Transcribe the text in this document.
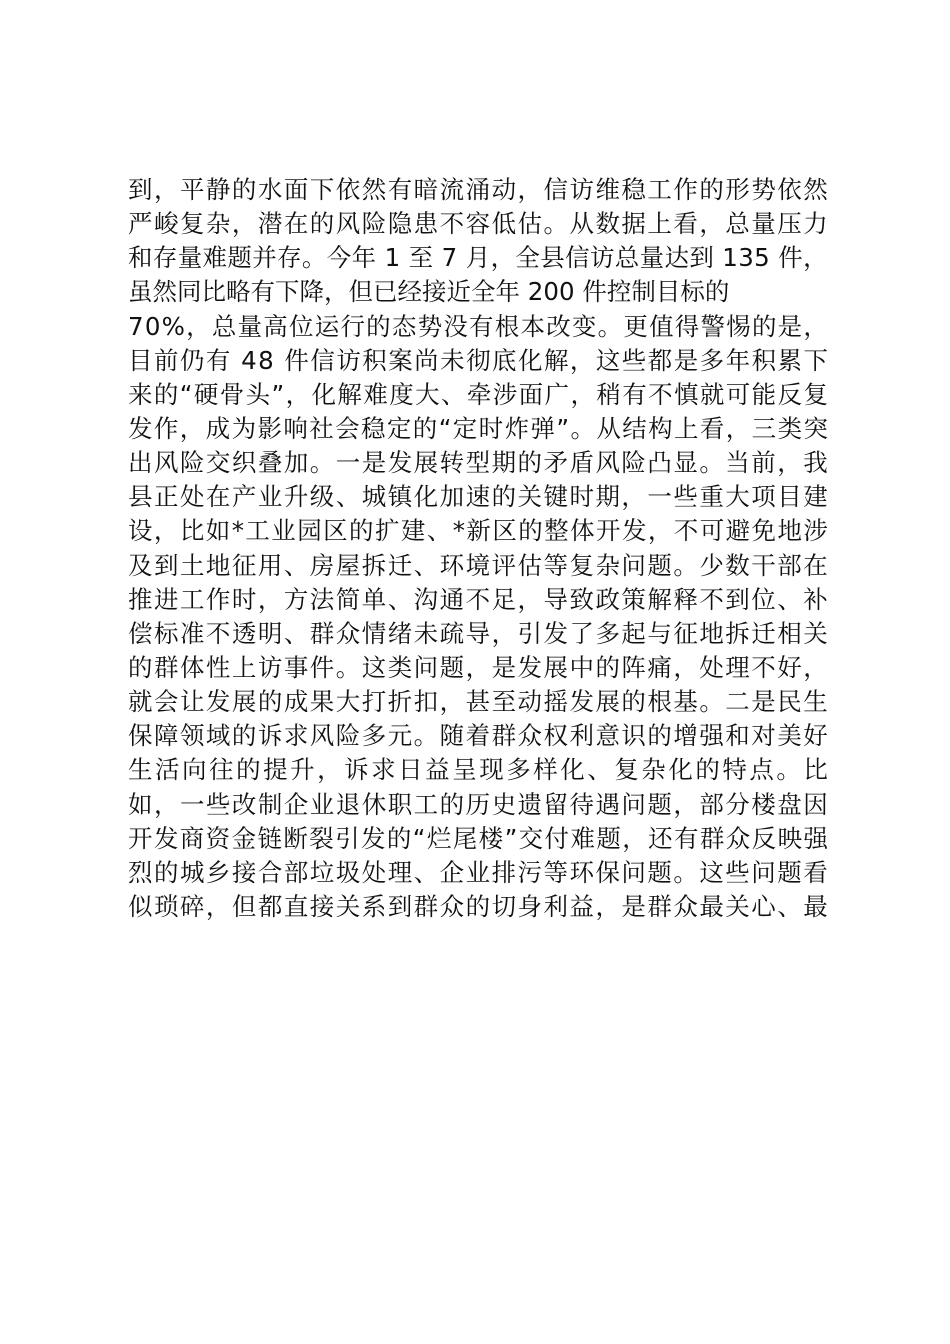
到 ， 平 静 的 水 面 下 依 然 有 暗 流 涌 动 ， 信 访 维 稳 工 作 的 形 势 依 然
严 峻 复 杂 ， 潜 在 的 风 险 隐 患 不 容 低 估 。 从 数 据 上 看 ， 总 量 压 力
和 存 量 难 题 并 存 。 今 年
1
至
7
月 ， 全 县 信 访 总 量 达 到
1 3 5
件 ，
虽然同比略有下降，但已经接近全年 200 件控制目标的
7 0 % ， 总 量 高 位 运 行 的 态 势 没 有 根 本 改 变 。 更 值 得 警 惕 的 是 ，
目 前 仍 有
4 8
件 信 访 积 案 尚 未 彻 底 化 解 ， 这 些 都 是 多 年 积 累 下
来 的 “ 硬 骨 头 ” ， 化 解 难 度 大 、 牵 涉 面 广 ， 稍 有 不 慎 就 可 能 反 复
发 作 ， 成 为 影 响 社 会 稳 定 的 “ 定 时 炸 弹 ” 。 从 结 构 上 看 ， 三 类 突
出 风 险 交 织 叠 加 。 一 是 发 展 转 型 期 的 矛 盾 风 险 凸 显 。 当 前 ， 我
县 正 处 在 产 业 升 级 、 城 镇 化 加 速 的 关 键 时 期 ， 一 些 重 大 项 目 建
设 ， 比 如 * 工 业 园 区 的 扩 建 、 * 新 区 的 整 体 开 发 ， 不 可 避 免 地 涉
及 到 土 地 征 用 、 房 屋 拆 迁 、 环 境 评 估 等 复 杂 问 题 。 少 数 干 部 在
推 进 工 作 时 ， 方 法 简 单 、 沟 通 不 足 ， 导 致 政 策 解 释 不 到 位 、 补
偿 标 准 不 透 明 、 群 众 情 绪 未 疏 导 ， 引 发 了 多 起 与 征 地 拆 迁 相 关
的 群 体 性 上 访 事 件 。 这 类 问 题 ， 是 发 展 中 的 阵 痛 ， 处 理 不 好 ，
就 会 让 发 展 的 成 果 大 打 折 扣 ， 甚 至 动 摇 发 展 的 根 基 。 二 是 民 生
保 障 领 域 的 诉 求 风 险 多 元 。 随 着 群 众 权 利 意 识 的 增 强 和 对 美 好
生 活 向 往 的 提 升 ， 诉 求 日 益 呈 现 多 样 化 、 复 杂 化 的 特 点 。 比
如 ， 一 些 改 制 企 业 退 休 职 工 的 历 史 遗 留 待 遇 问 题 ， 部 分 楼 盘 因
开 发 商 资 金 链 断 裂 引 发 的 “ 烂 尾 楼 ” 交 付 难 题 ， 还 有 群 众 反 映 强
烈 的 城 乡 接 合 部 垃 圾 处 理 、 企 业 排 污 等 环 保 问 题 。 这 些 问 题 看
似 琐 碎 ， 但 都 直 接 关 系 到 群 众 的 切 身 利 益 ， 是 群 众 最 关 心 、 最
